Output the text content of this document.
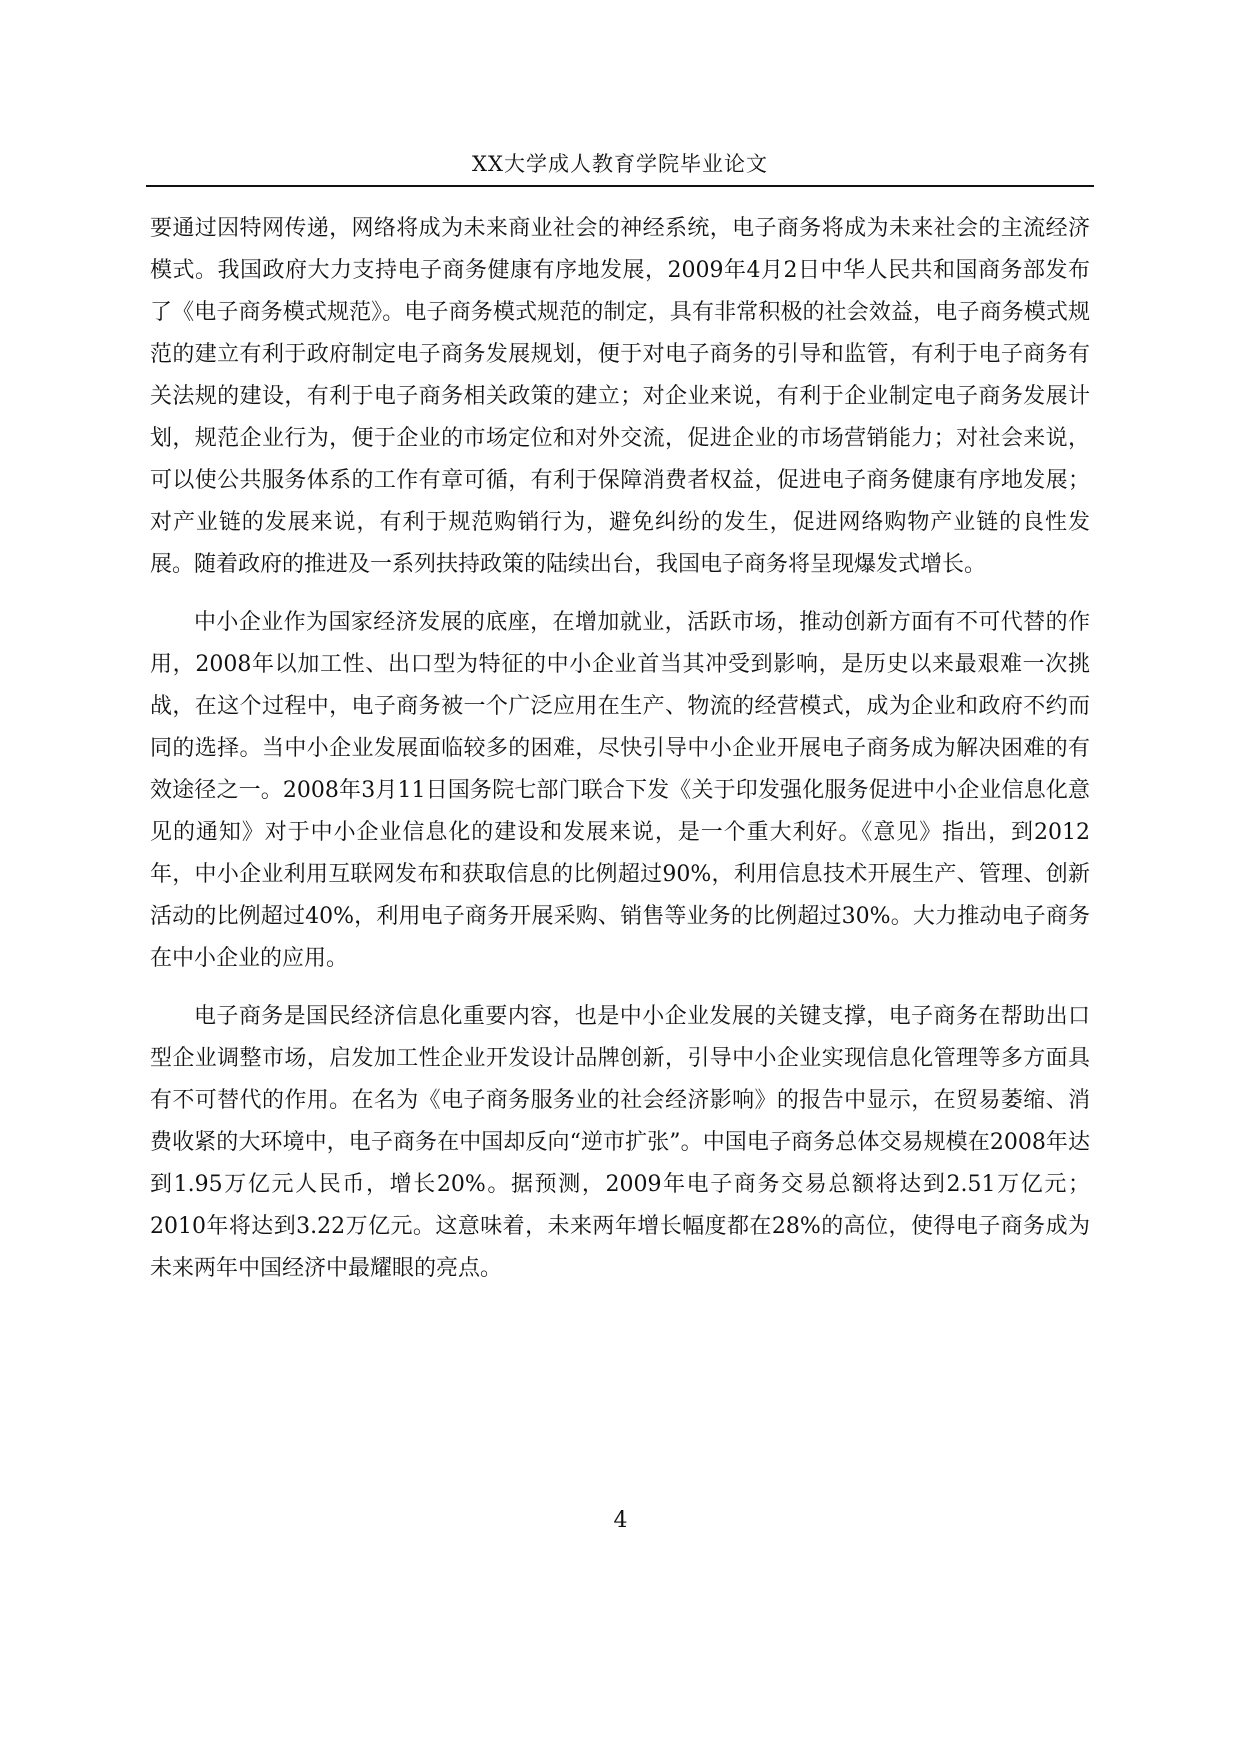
XX大学成人教育学院毕业论文

要通过因特网传递，网络将成为未来商业社会的神经系统，电子商务将成为未来社会的主流经济模式。我国政府大力支持电子商务健康有序地发展，2009年4月2日中华人民共和国商务部发布了《电子商务模式规范》。电子商务模式规范的制定，具有非常积极的社会效益，电子商务模式规范的建立有利于政府制定电子商务发展规划，便于对电子商务的引导和监管，有利于电子商务有关法规的建设，有利于电子商务相关政策的建立；对企业来说，有利于企业制定电子商务发展计划，规范企业行为，便于企业的市场定位和对外交流，促进企业的市场营销能力；对社会来说，可以使公共服务体系的工作有章可循，有利于保障消费者权益，促进电子商务健康有序地发展；对产业链的发展来说，有利于规范购销行为，避免纠纷的发生，促进网络购物产业链的良性发展。随着政府的推进及一系列扶持政策的陆续出台，我国电子商务将呈现爆发式增长。

中小企业作为国家经济发展的底座，在增加就业，活跃市场，推动创新方面有不可代替的作用，2008年以加工性、出口型为特征的中小企业首当其冲受到影响，是历史以来最艰难一次挑战，在这个过程中，电子商务被一个广泛应用在生产、物流的经营模式，成为企业和政府不约而同的选择。当中小企业发展面临较多的困难，尽快引导中小企业开展电子商务成为解决困难的有效途径之一。2008年3月11日国务院七部门联合下发《关于印发强化服务促进中小企业信息化意见的通知》对于中小企业信息化的建设和发展来说，是一个重大利好。《意见》指出，到2012年，中小企业利用互联网发布和获取信息的比例超过90%，利用信息技术开展生产、管理、创新活动的比例超过40%，利用电子商务开展采购、销售等业务的比例超过30%。大力推动电子商务在中小企业的应用。

电子商务是国民经济信息化重要内容，也是中小企业发展的关键支撑，电子商务在帮助出口型企业调整市场，启发加工性企业开发设计品牌创新，引导中小企业实现信息化管理等多方面具有不可替代的作用。在名为《电子商务服务业的社会经济影响》的报告中显示，在贸易萎缩、消费收紧的大环境中，电子商务在中国却反向“逆市扩张”。中国电子商务总体交易规模在2008年达到1.95万亿元人民币，增长20%。据预测，2009年电子商务交易总额将达到2.51万亿元；2010年将达到3.22万亿元。这意味着，未来两年增长幅度都在28%的高位，使得电子商务成为未来两年中国经济中最耀眼的亮点。

4
